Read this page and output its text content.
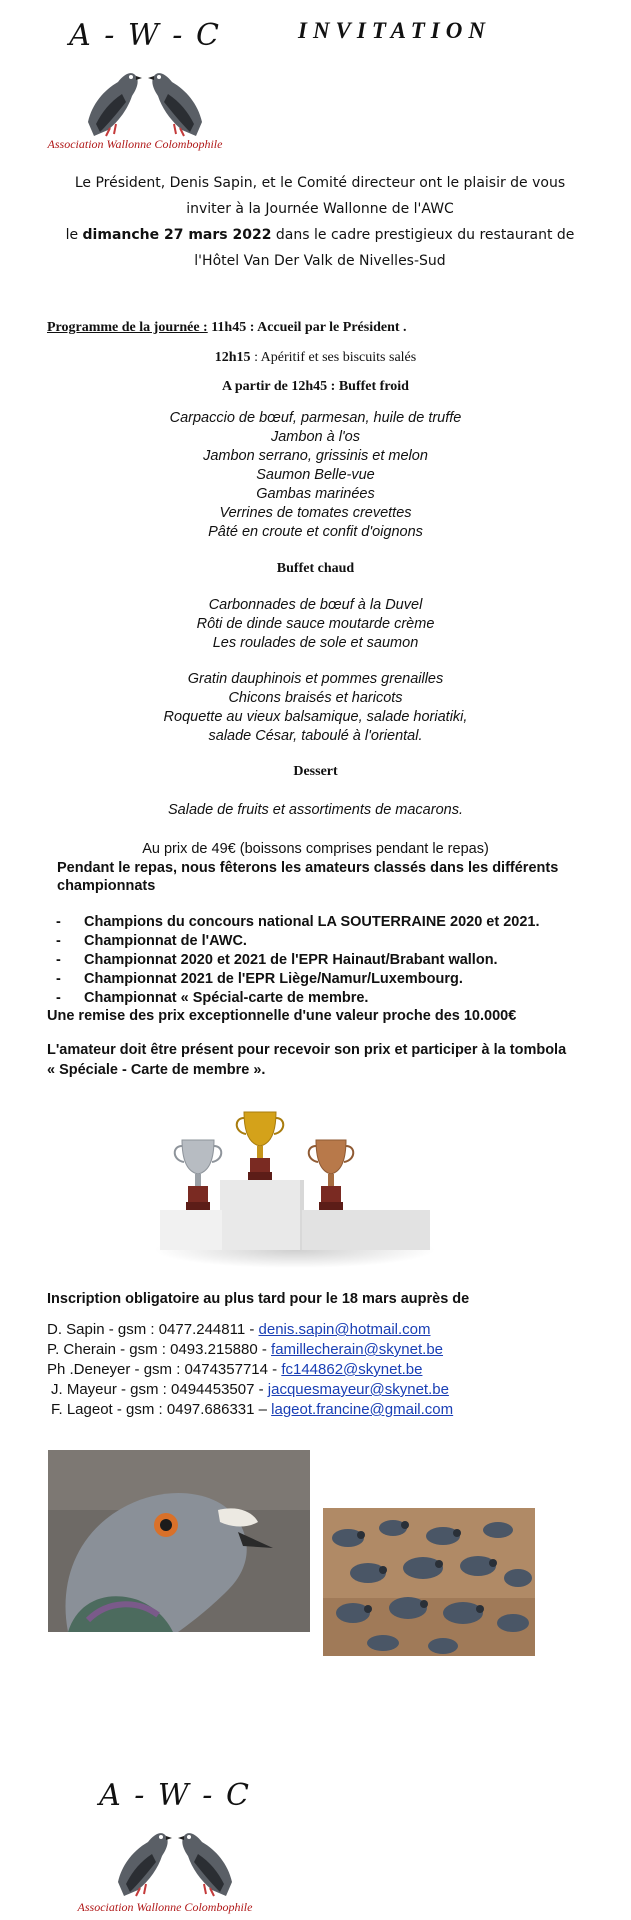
A - W - C
Association Wallonne Colombophile
INVITATION
Le Président, Denis Sapin, et le Comité directeur ont le plaisir de vous
inviter à la Journée Wallonne de l'AWC
le dimanche 27 mars 2022 dans le cadre prestigieux du restaurant de
l'Hôtel Van Der Valk de Nivelles-Sud
Programme de la journée : 11h45 : Accueil par le Président .
12h15 : Apéritif et ses biscuits salés
A partir de 12h45 : Buffet froid
Carpaccio de bœuf, parmesan, huile de truffe
Jambon à l'os
Jambon serrano, grissinis et melon
Saumon Belle-vue
Gambas marinées
Verrines de tomates crevettes
Pâté en croute et confit d'oignons
Buffet chaud
Carbonnades de bœuf à la Duvel
Rôti de dinde sauce moutarde crème
Les roulades de sole et saumon
Gratin dauphinois et pommes grenailles
Chicons braisés et haricots
Roquette au vieux balsamique, salade horiatiki,
salade César, taboulé à l'oriental.
Dessert
Salade de fruits et assortiments de macarons.
Au prix de 49€ (boissons comprises pendant le repas)
Pendant le repas, nous fêterons les amateurs classés dans les différents
championnats
- Champions du concours national LA SOUTERRAINE 2020 et 2021.
- Championnat de l'AWC.
- Championnat 2020 et 2021 de l'EPR Hainaut/Brabant wallon.
- Championnat 2021 de l'EPR Liège/Namur/Luxembourg.
- Championnat « Spécial-carte de membre.
Une remise des prix exceptionnelle d'une valeur proche des 10.000€
L'amateur doit être présent pour recevoir son prix et participer à la tombola
« Spéciale - Carte de membre ».
Inscription obligatoire au plus tard pour le 18 mars auprès de
D. Sapin - gsm : 0477.244811 - denis.sapin@hotmail.com
P. Cherain - gsm : 0493.215880 - famillecherain@skynet.be
Ph .Deneyer - gsm : 0474357714 - fc144862@skynet.be
J. Mayeur - gsm : 0494453507 - jacquesmayeur@skynet.be
F. Lageot - gsm : 0497.686331 – lageot.francine@gmail.com
A - W - C
Association Wallonne Colombophile
